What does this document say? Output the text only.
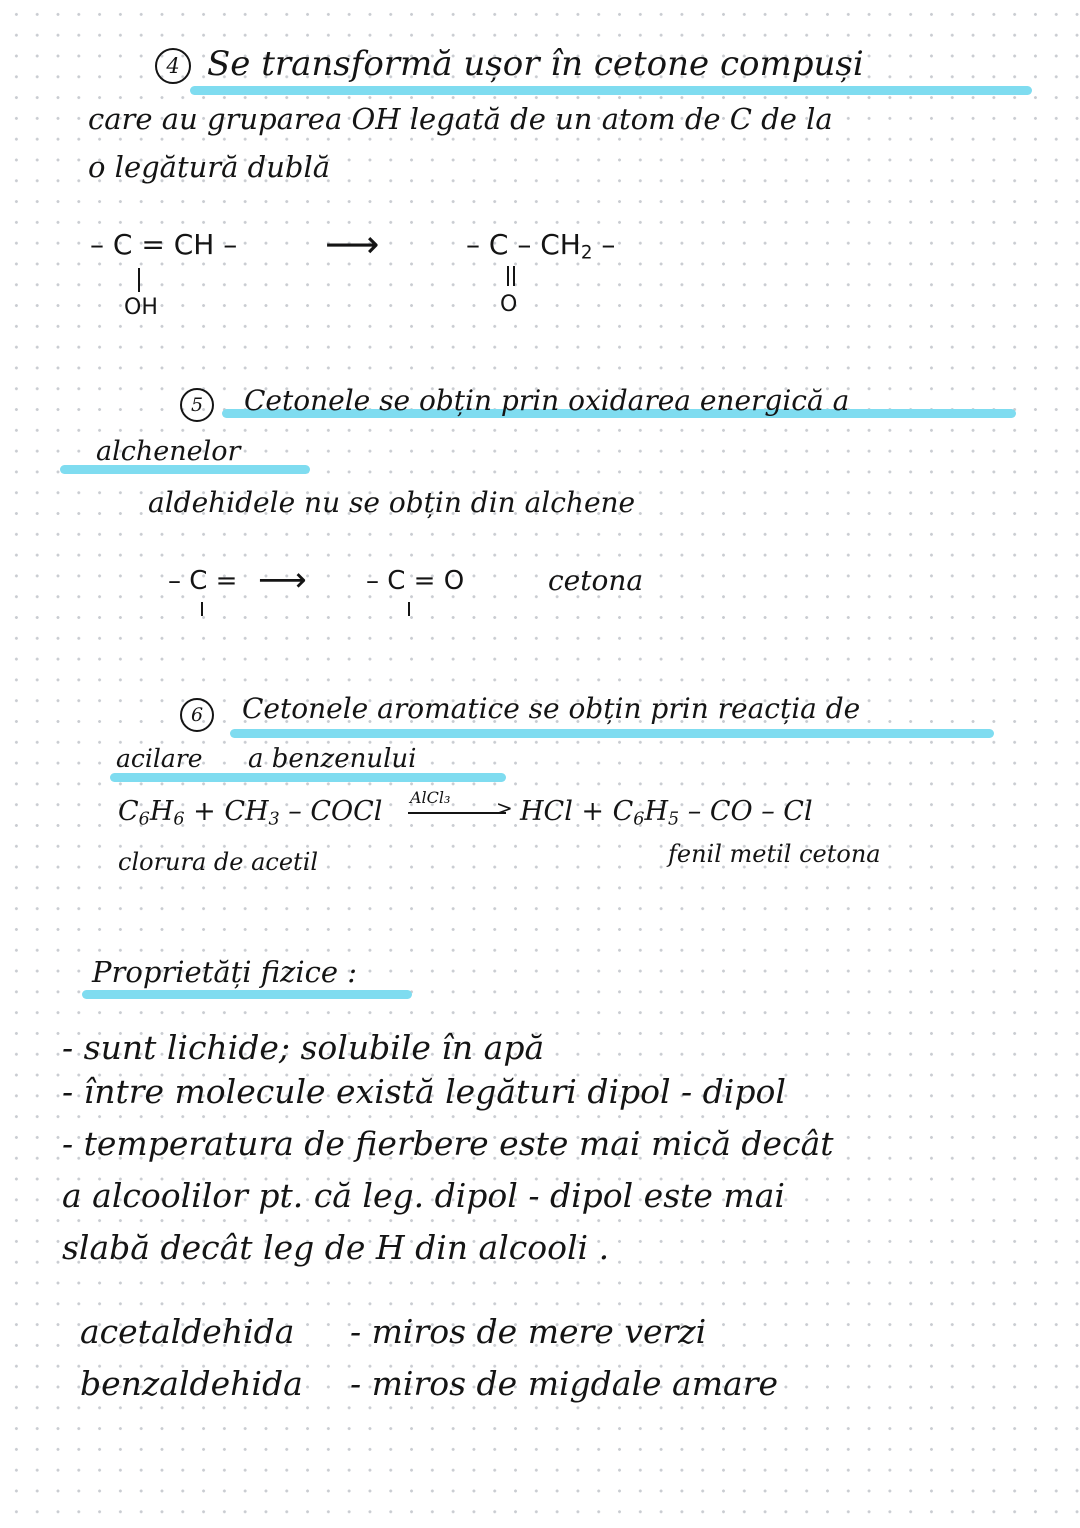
4 Se transformă ușor în cetone compuși
care au gruparea OH legată de un atom de C de la
o legătură dublă
– C = CH –
OH
⟶	– C – $CH_2$ –
O
5	Cetonele se obțin prin oxidarea energică a
alchenelor
aldehidele nu se obțin din alchene
– C = ⟶ – C = O	cetona
6	Cetonele aromatice se obțin prin reacția de
acilare a benzenului
$C_6H_6 + CH_3$ – COCl AlCl₃ > HCl + $C_6H_5$ – CO – Cl
clorura de acetil	fenil metil cetona
Proprietăți fizice :
- sunt lichide; solubile în apă
- între molecule există legături dipol - dipol
- temperatura de fierbere este mai mică decât
a alcoolilor pt. că leg. dipol - dipol este mai
slabă decât leg de H din alcooli .
acetaldehida - miros de mere verzi
benzaldehida - miros de migdale amare
